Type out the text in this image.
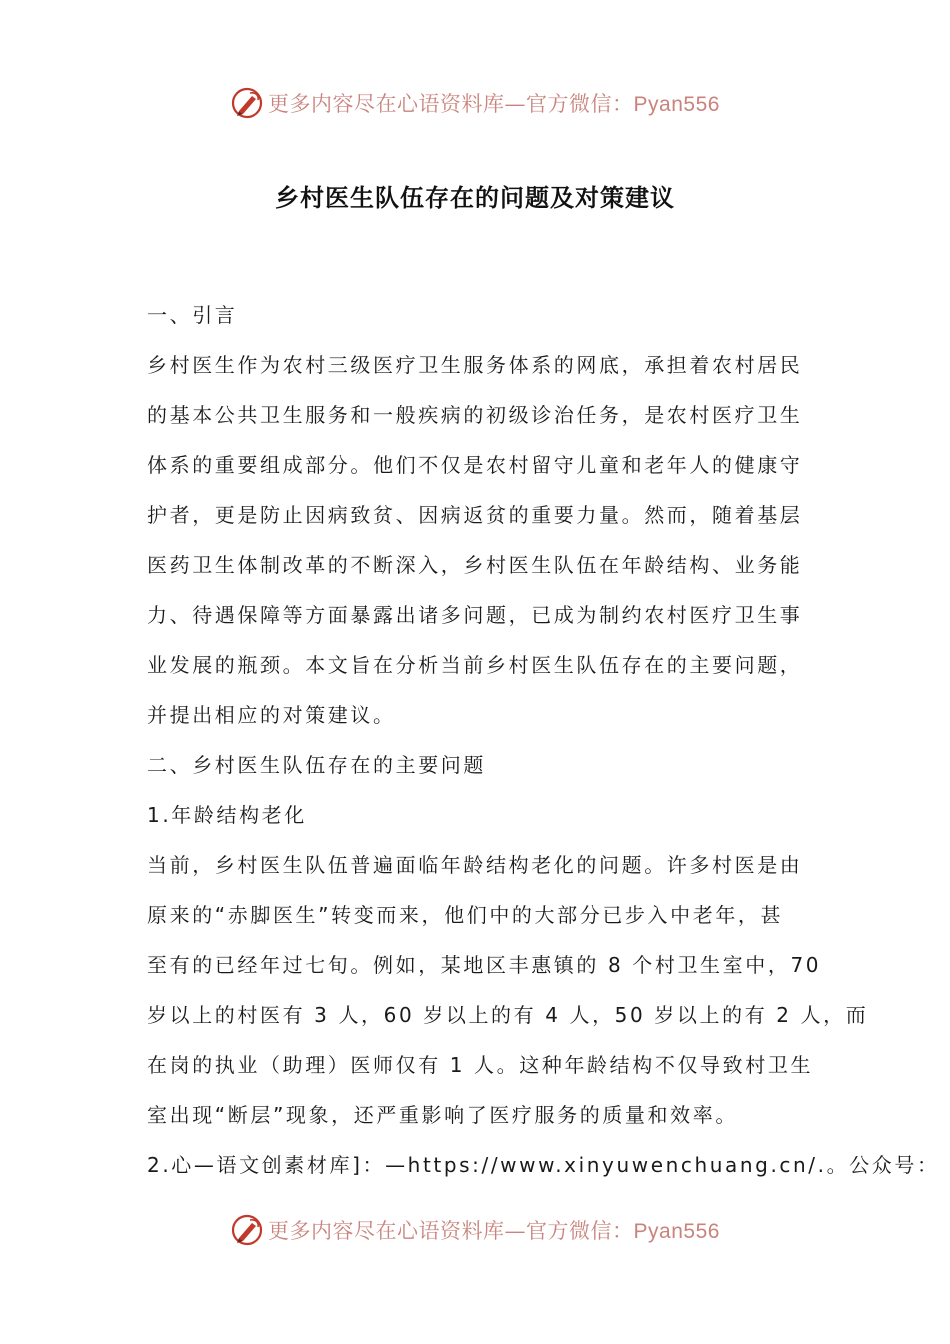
更多内容尽在心语资料库—官方微信：Pyan556
乡村医生队伍存在的问题及对策建议
一、引言
乡村医生作为农村三级医疗卫生服务体系的网底，承担着农村居民
的基本公共卫生服务和一般疾病的初级诊治任务，是农村医疗卫生
体系的重要组成部分。他们不仅是农村留守儿童和老年人的健康守
护者，更是防止因病致贫、因病返贫的重要力量。然而，随着基层
医药卫生体制改革的不断深入，乡村医生队伍在年龄结构、业务能
力、待遇保障等方面暴露出诸多问题，已成为制约农村医疗卫生事
业发展的瓶颈。本文旨在分析当前乡村医生队伍存在的主要问题，
并提出相应的对策建议。
二、乡村医生队伍存在的主要问题
1.年龄结构老化
当前，乡村医生队伍普遍面临年龄结构老化的问题。许多村医是由
原来的“赤脚医生”转变而来，他们中的大部分已步入中老年，甚
至有的已经年过七旬。例如，某地区丰惠镇的 8 个村卫生室中，70
岁以上的村医有 3 人，60 岁以上的有 4 人，50 岁以上的有 2 人，而
在岗的执业（助理）医师仅有 1 人。这种年龄结构不仅导致村卫生
室出现“断层”现象，还严重影响了医疗服务的质量和效率。
2.心—语文创素材库]：—https://www.xinyuwenchuang.cn/.。公众号：
更多内容尽在心语资料库—官方微信：Pyan556
